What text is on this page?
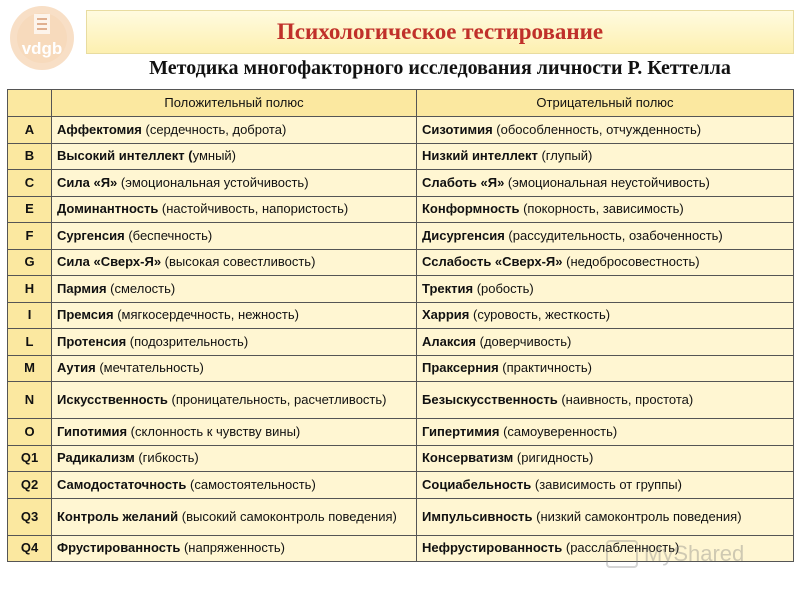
vdgb
Психологическое тестирование
Методика многофакторного исследования личности Р. Кеттелла
	Положительный полюс	Отрицательный полюс
A	Аффектомия (сердечность, доброта)	Сизотимия (обособленность, отчужденность)
B	Высокий интеллект (умный)	Низкий интеллект (глупый)
C	Сила «Я» (эмоциональная устойчивость)	Слаботь «Я» (эмоциональная неустойчивость)
E	Доминантность (настойчивость, напористость)	Конформность (покорность, зависимость)
F	Сургенсия (беспечность)	Дисургенсия (рассудительность, озабоченность)
G	Сила «Сверх-Я» (высокая совестливость)	Сслабость «Сверх-Я» (недобросовестность)
H	Пармия (смелость)	Тректия (робость)
I	Премсия (мягкосердечность, нежность)	Харрия (суровость, жесткость)
L	Протенсия (подозрительность)	Алаксия (доверчивость)
M	Аутия (мечтательность)	Праксерния (практичность)
N	Искусственность (проницательность, расчетливость)	Безыскусственность (наивность, простота)
O	Гипотимия (склонность к чувству вины)	Гипертимия (самоуверенность)
Q1	Радикализм (гибкость)	Консерватизм (ригидность)
Q2	Самодостаточность (самостоятельность)	Социабельность (зависимость от группы)
Q3	Контроль желаний (высокий самоконтроль поведения)	Импульсивность (низкий самоконтроль поведения)
Q4	Фрустированность (напряженность)	Нефрустированность (расслабленность)
MyShared
